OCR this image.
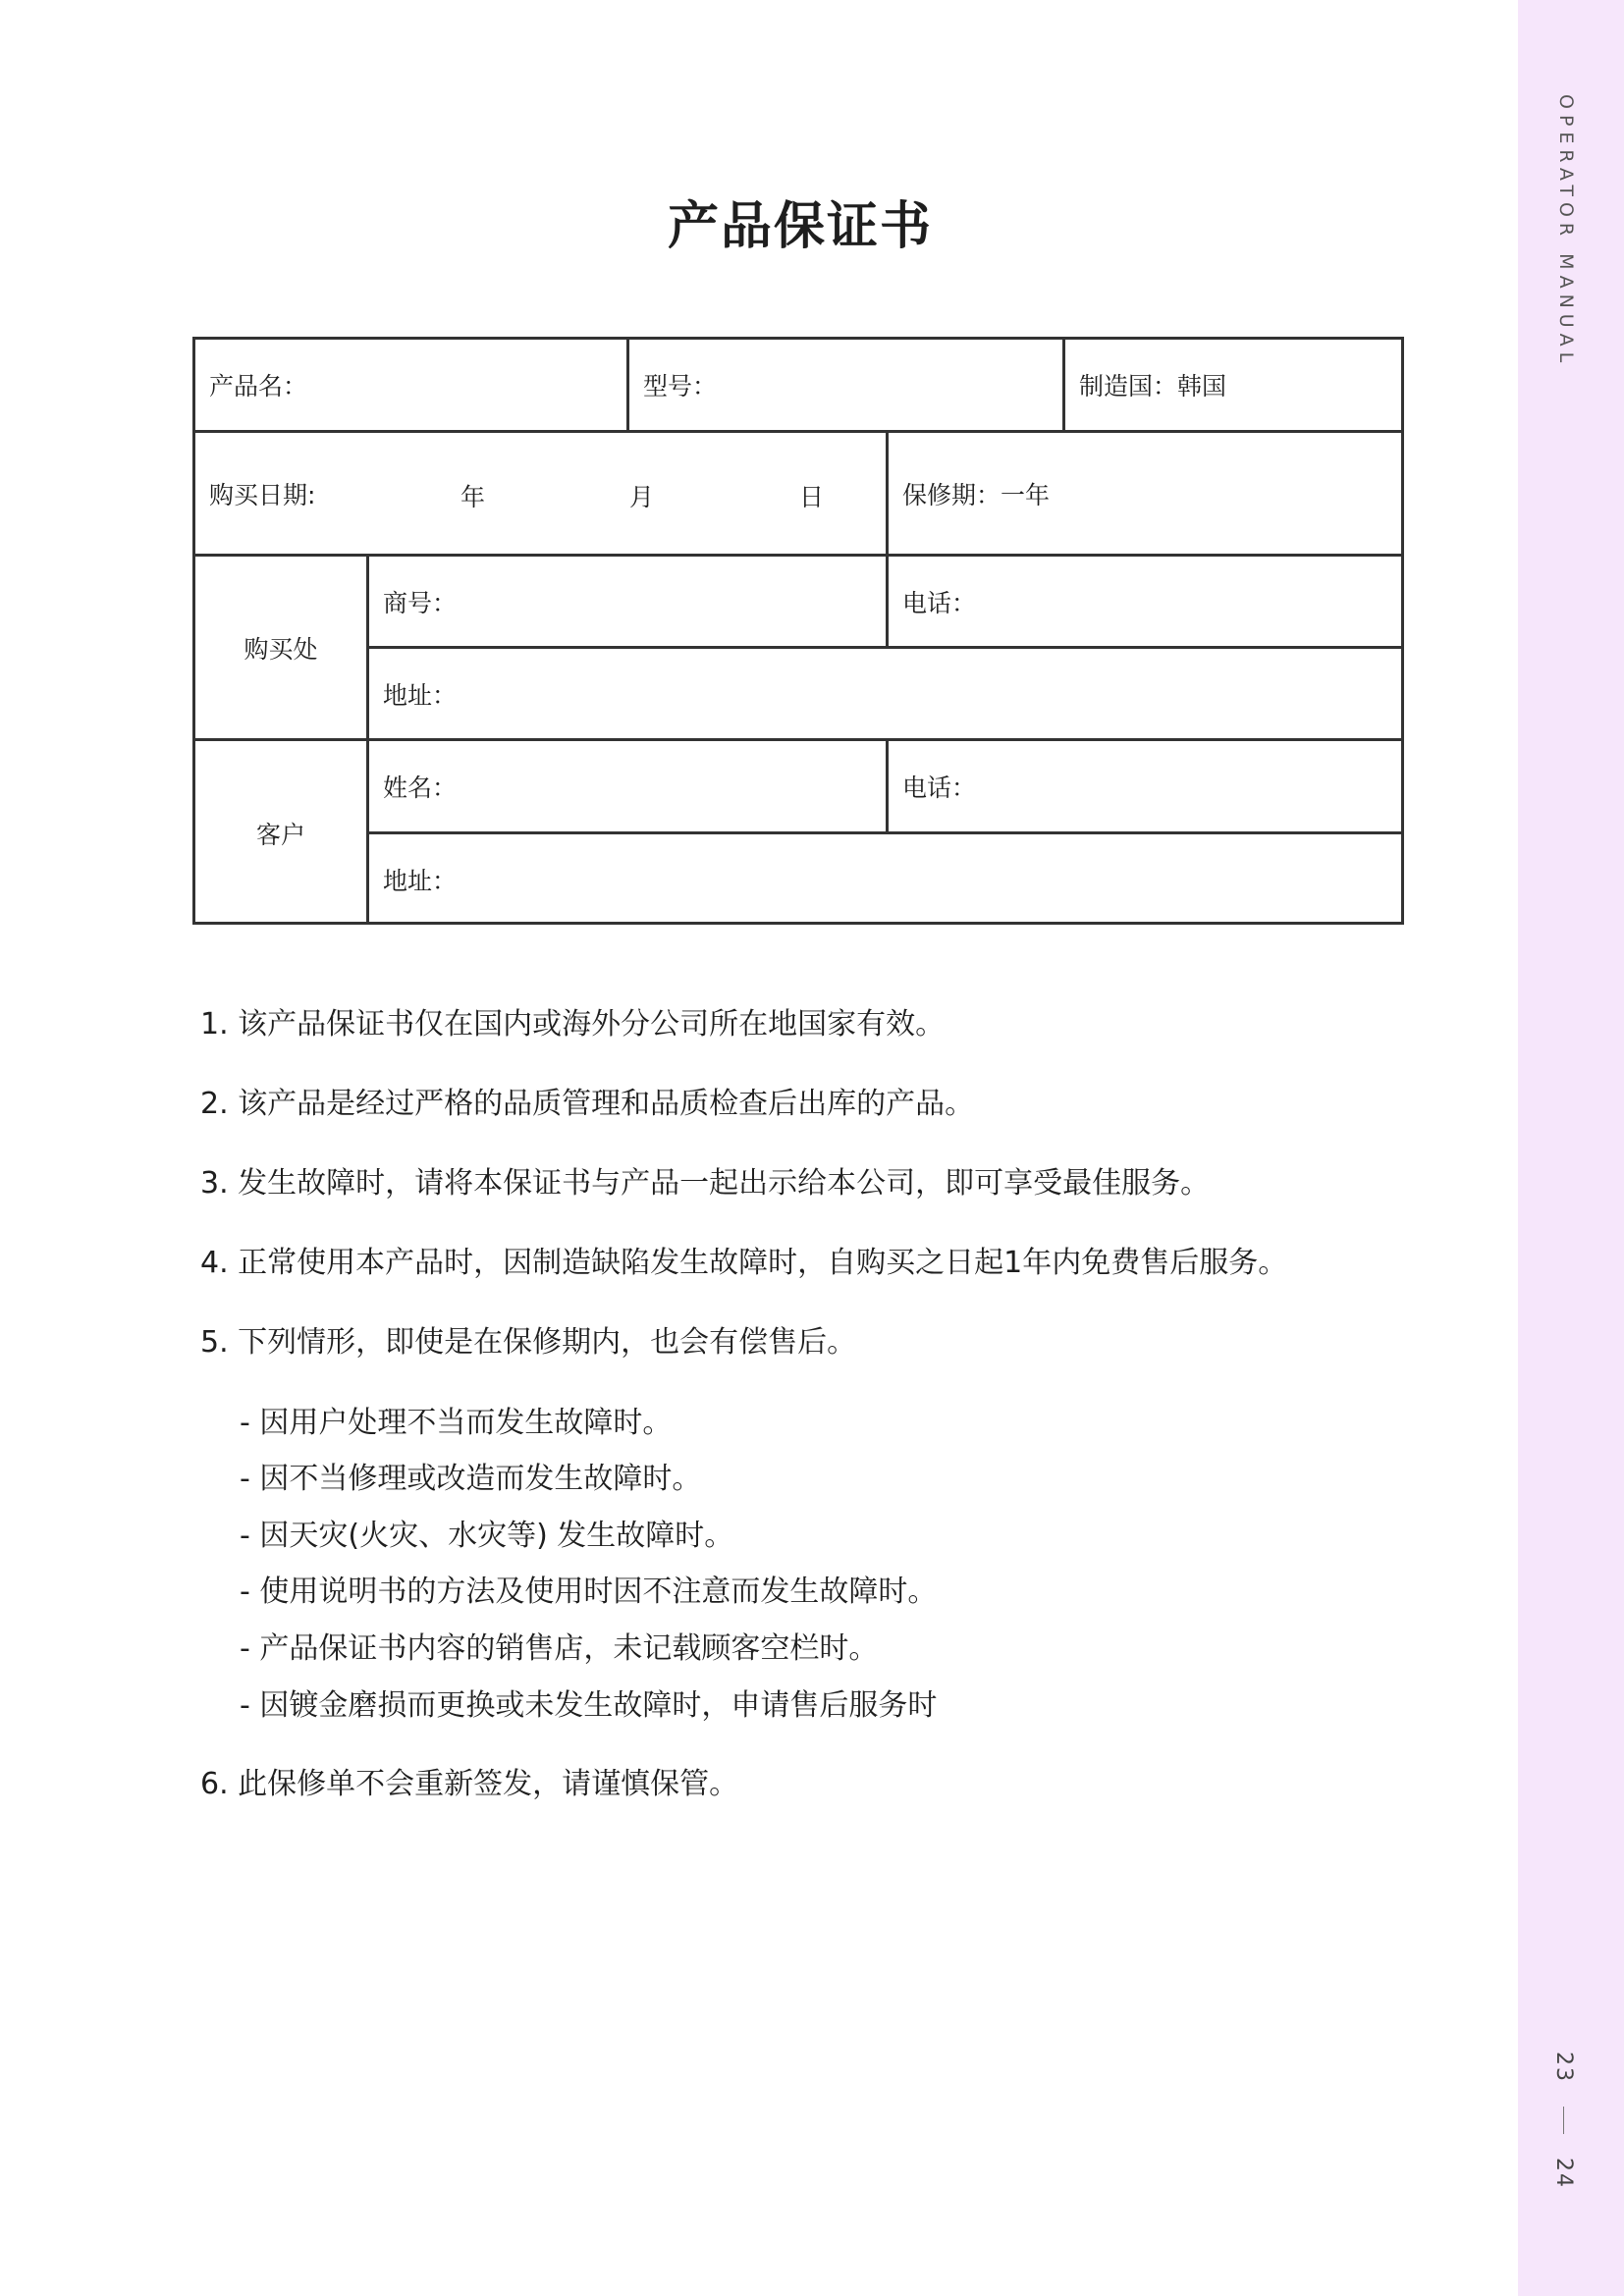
OPERATOR MANUAL
23
24
产品保证书
产品名：	型号：	制造国：韩国
购买日期:	年	月	日	保修期：一年
购买处
商号：	电话：
地址：
客户
姓名：	电话：
地址：
1. 该产品保证书仅在国内或海外分公司所在地国家有效。
2. 该产品是经过严格的品质管理和品质检查后出库的产品。
3. 发生故障时，请将本保证书与产品一起出示给本公司，即可享受最佳服务。
4. 正常使用本产品时，因制造缺陷发生故障时，自购买之日起1年内免费售后服务。
5. 下列情形，即使是在保修期内，也会有偿售后。
- 因用户处理不当而发生故障时。
- 因不当修理或改造而发生故障时。
- 因天灾(火灾、水灾等) 发生故障时。
- 使用说明书的方法及使用时因不注意而发生故障时。
- 产品保证书内容的销售店，未记载顾客空栏时。
- 因镀金磨损而更换或未发生故障时，申请售后服务时
6. 此保修单不会重新签发，请谨慎保管。
